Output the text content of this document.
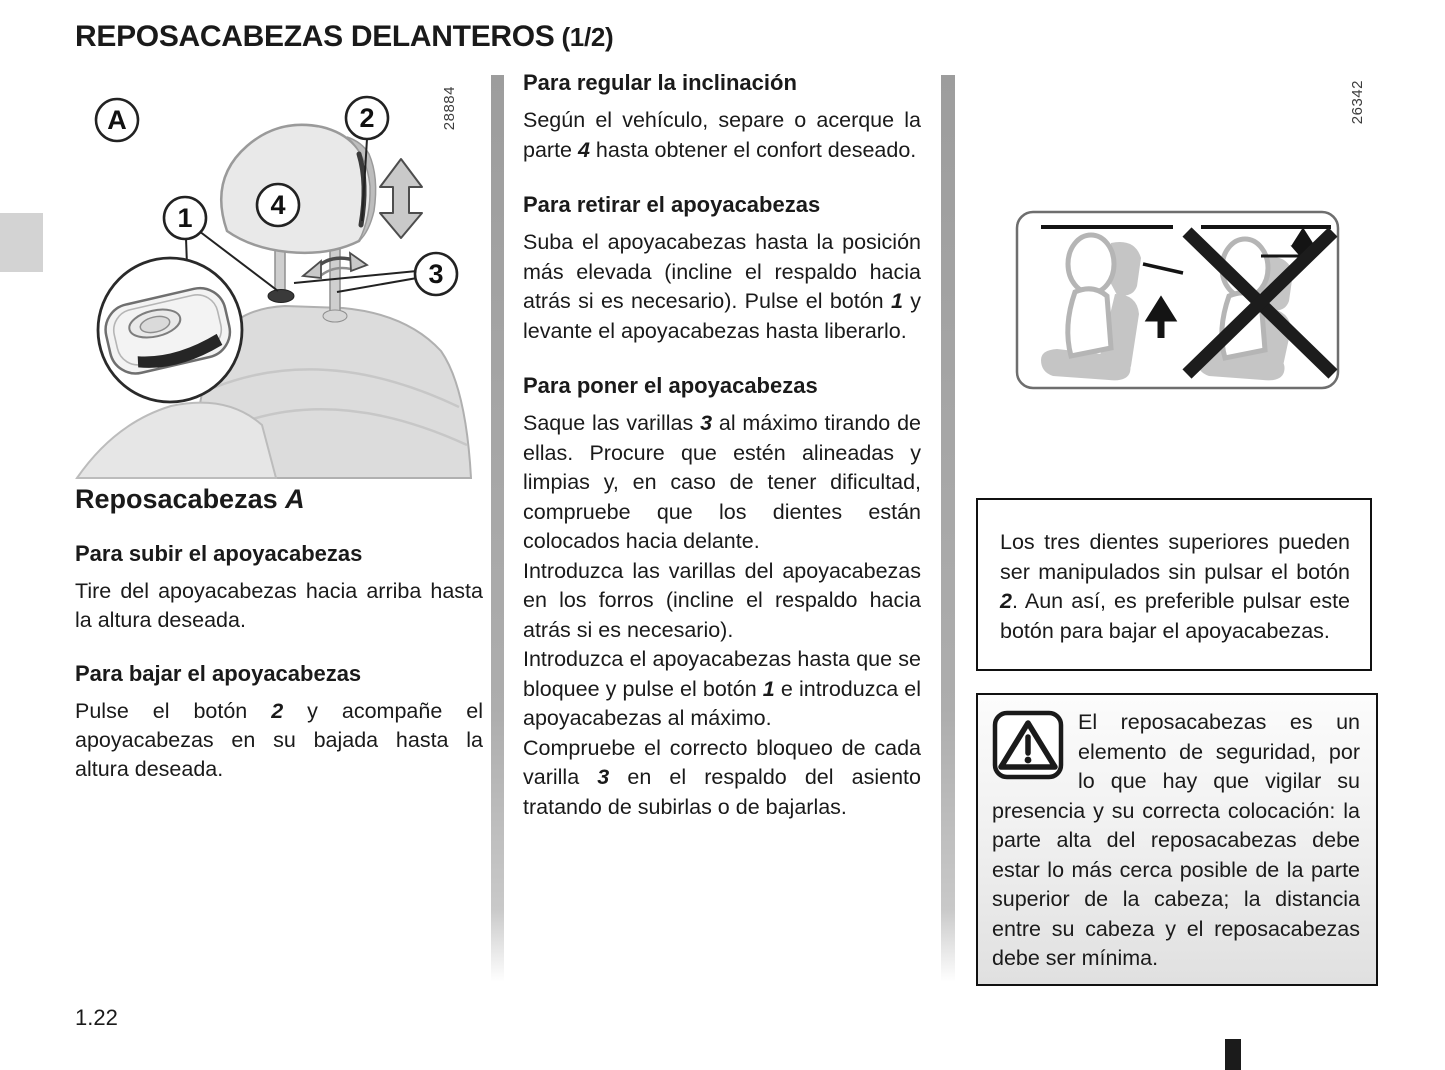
REPOSACABEZAS DELANTEROS (1/2)
A	2
4
1
3
28884
Reposacabezas A
Para subir el apoyacabezas

Tire del apoyacabezas hacia arriba hasta la altura deseada.

Para bajar el apoyacabezas

Pulse el botón 2 y acompañe el apoyacabezas en su bajada hasta la altura deseada.

Para regular la inclinación

Según el vehículo, separe o acerque la parte 4 hasta obtener el confort deseado.

Para retirar el apoyacabezas

Suba el apoyacabezas hasta la posición más elevada (incline el respaldo hacia atrás si es necesario). Pulse el botón 1 y levante el apoyacabezas hasta liberarlo.

Para poner el apoyacabezas

Saque las varillas 3 al máximo tirando de ellas. Procure que estén alineadas y limpias y, en caso de tener dificultad, compruebe que los dientes están colocados hacia delante.

Introduzca las varillas del apoyacabezas en los forros (incline el respaldo hacia atrás si es necesario).

Introduzca el apoyacabezas hasta que se bloquee y pulse el botón 1 e introduzca el apoyacabezas al máximo.

Compruebe el correcto bloqueo de cada varilla 3 en el respaldo del asiento tratando de subirlas o de bajarlas.

26342

Los tres dientes superiores pueden ser manipulados sin pulsar el botón 2. Aun así, es preferible pulsar este botón para bajar el apoyacabezas.

El reposacabezas es un elemento de seguridad, por lo que hay que vigilar su presencia y su correcta colocación: la parte alta del reposacabezas debe estar lo más cerca posible de la parte superior de la cabeza; la distancia entre su cabeza y el reposacabezas debe ser mínima.

1.22
